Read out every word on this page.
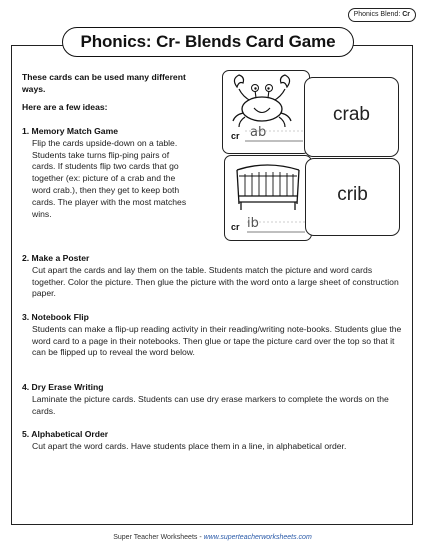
Phonics Blend: Cr
Phonics: Cr- Blends Card Game
These cards can be used many different ways.
Here are a few ideas:
1. Memory Match Game
Flip the cards upside-down on a table. Students take turns flip-ping pairs of cards. If students flip two cards that go together (ex: picture of a crab and the word crab.), then they get to keep both cards. The player with the most matches wins.
2. Make a Poster
Cut apart the cards and lay them on the table. Students match the picture and word cards together. Color the picture. Then glue the picture with the word onto a large sheet of construction paper.
3. Notebook Flip
Students can make a flip-up reading activity in their reading/writing note-books. Students glue the word card to a page in their notebooks. Then glue or tape the picture card over the top so that it can be flipped up to reveal the word below.
4. Dry Erase Writing
Laminate the picture cards. Students can use dry erase markers to complete the words on the cards.
5. Alphabetical Order
Cut apart the word cards. Have students place them in a line, in alphabetical order.
cr ab
crab
cr ib
crib
Super Teacher Worksheets - www.superteacherworksheets.com
